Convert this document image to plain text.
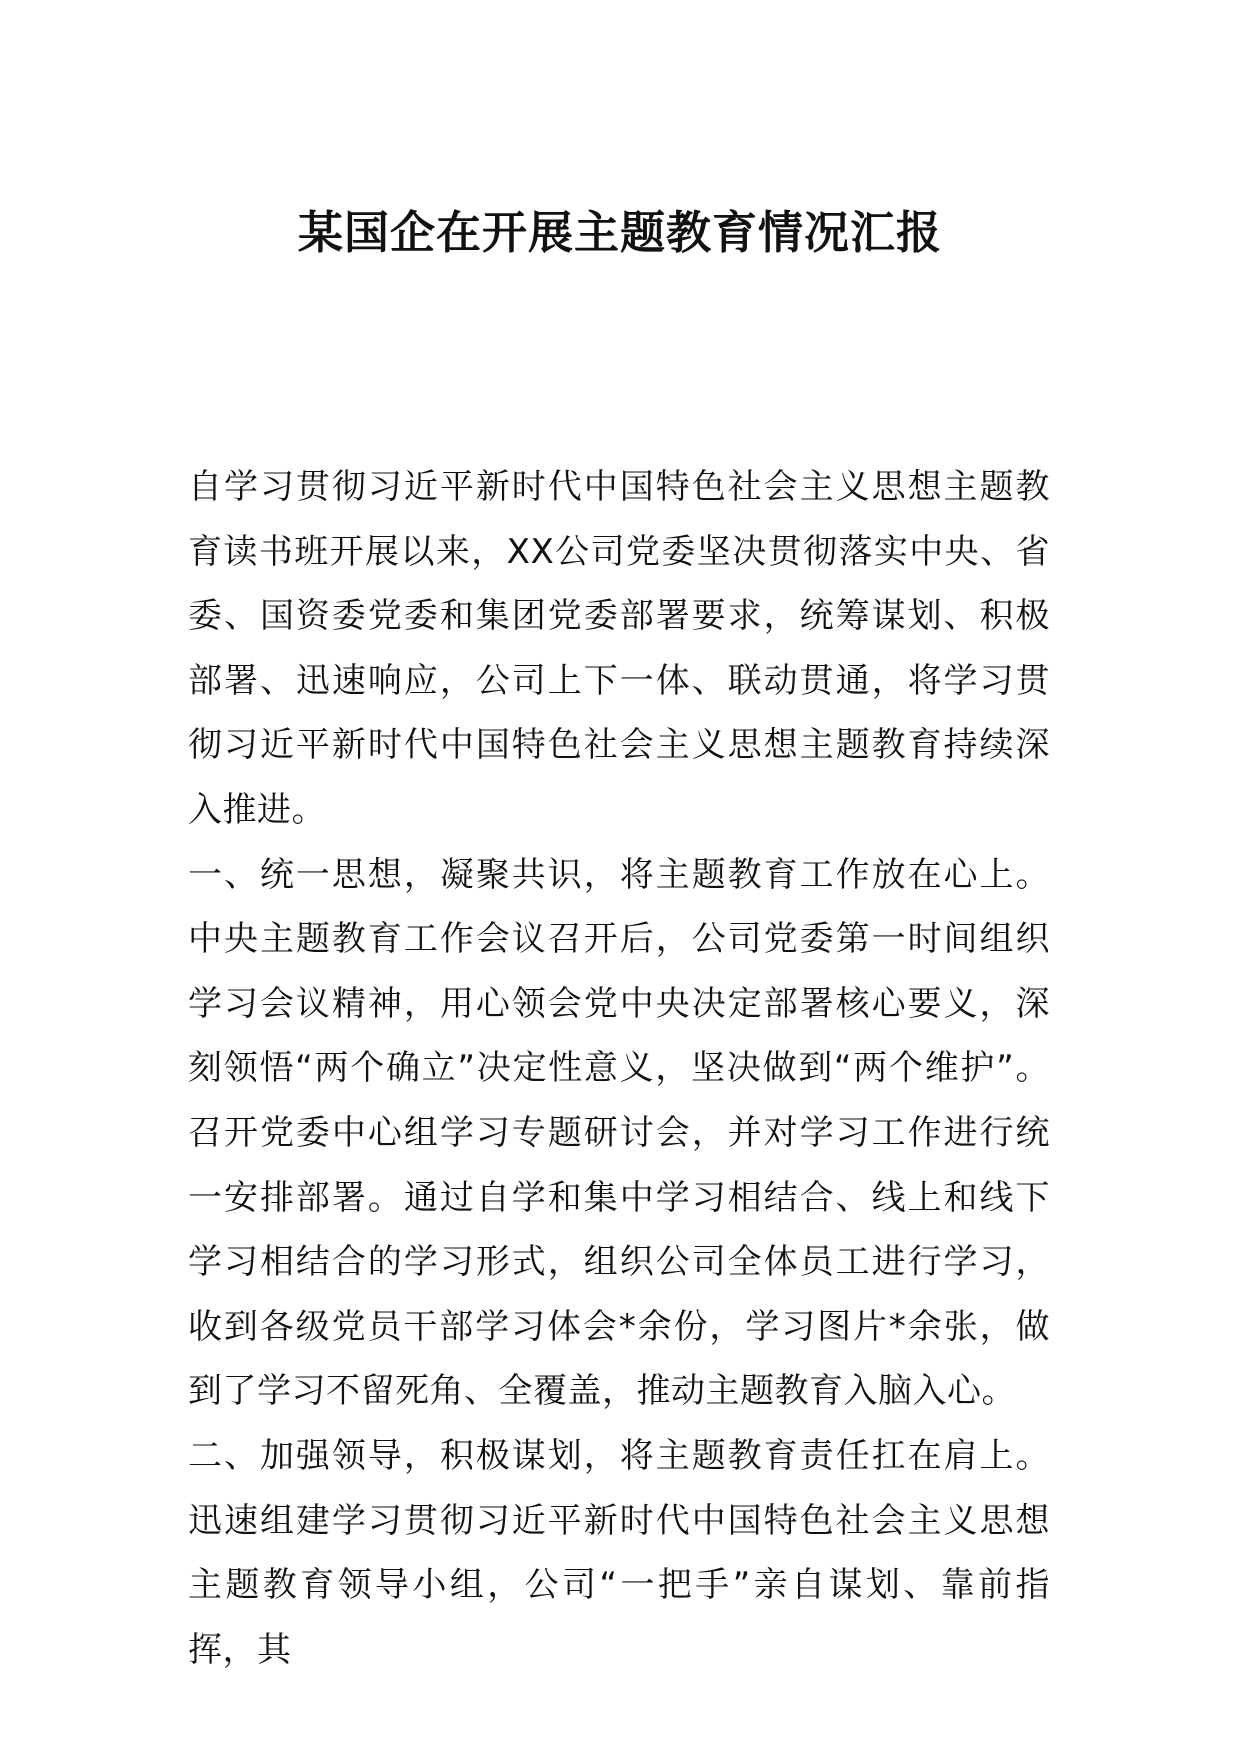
某国企在开展主题教育情况汇报

自学习贯彻习近平新时代中国特色社会主义思想主题教育读书班开展以来，XX公司党委坚决贯彻落实中央、省委、国资委党委和集团党委部署要求，统筹谋划、积极部署、迅速响应，公司上下一体、联动贯通，将学习贯彻习近平新时代中国特色社会主义思想主题教育持续深入推进。

一、统一思想，凝聚共识，将主题教育工作放在心上。中央主题教育工作会议召开后，公司党委第一时间组织学习会议精神，用心领会党中央决定部署核心要义，深刻领悟“两个确立”决定性意义，坚决做到“两个维护”。召开党委中心组学习专题研讨会，并对学习工作进行统一安排部署。通过自学和集中学习相结合、线上和线下学习相结合的学习形式，组织公司全体员工进行学习，收到各级党员干部学习体会*余份，学习图片*余张，做到了学习不留死角、全覆盖，推动主题教育入脑入心。

二、加强领导，积极谋划，将主题教育责任扛在肩上。迅速组建学习贯彻习近平新时代中国特色社会主义思想主题教育领导小组，公司“一把手”亲自谋划、靠前指挥，其
